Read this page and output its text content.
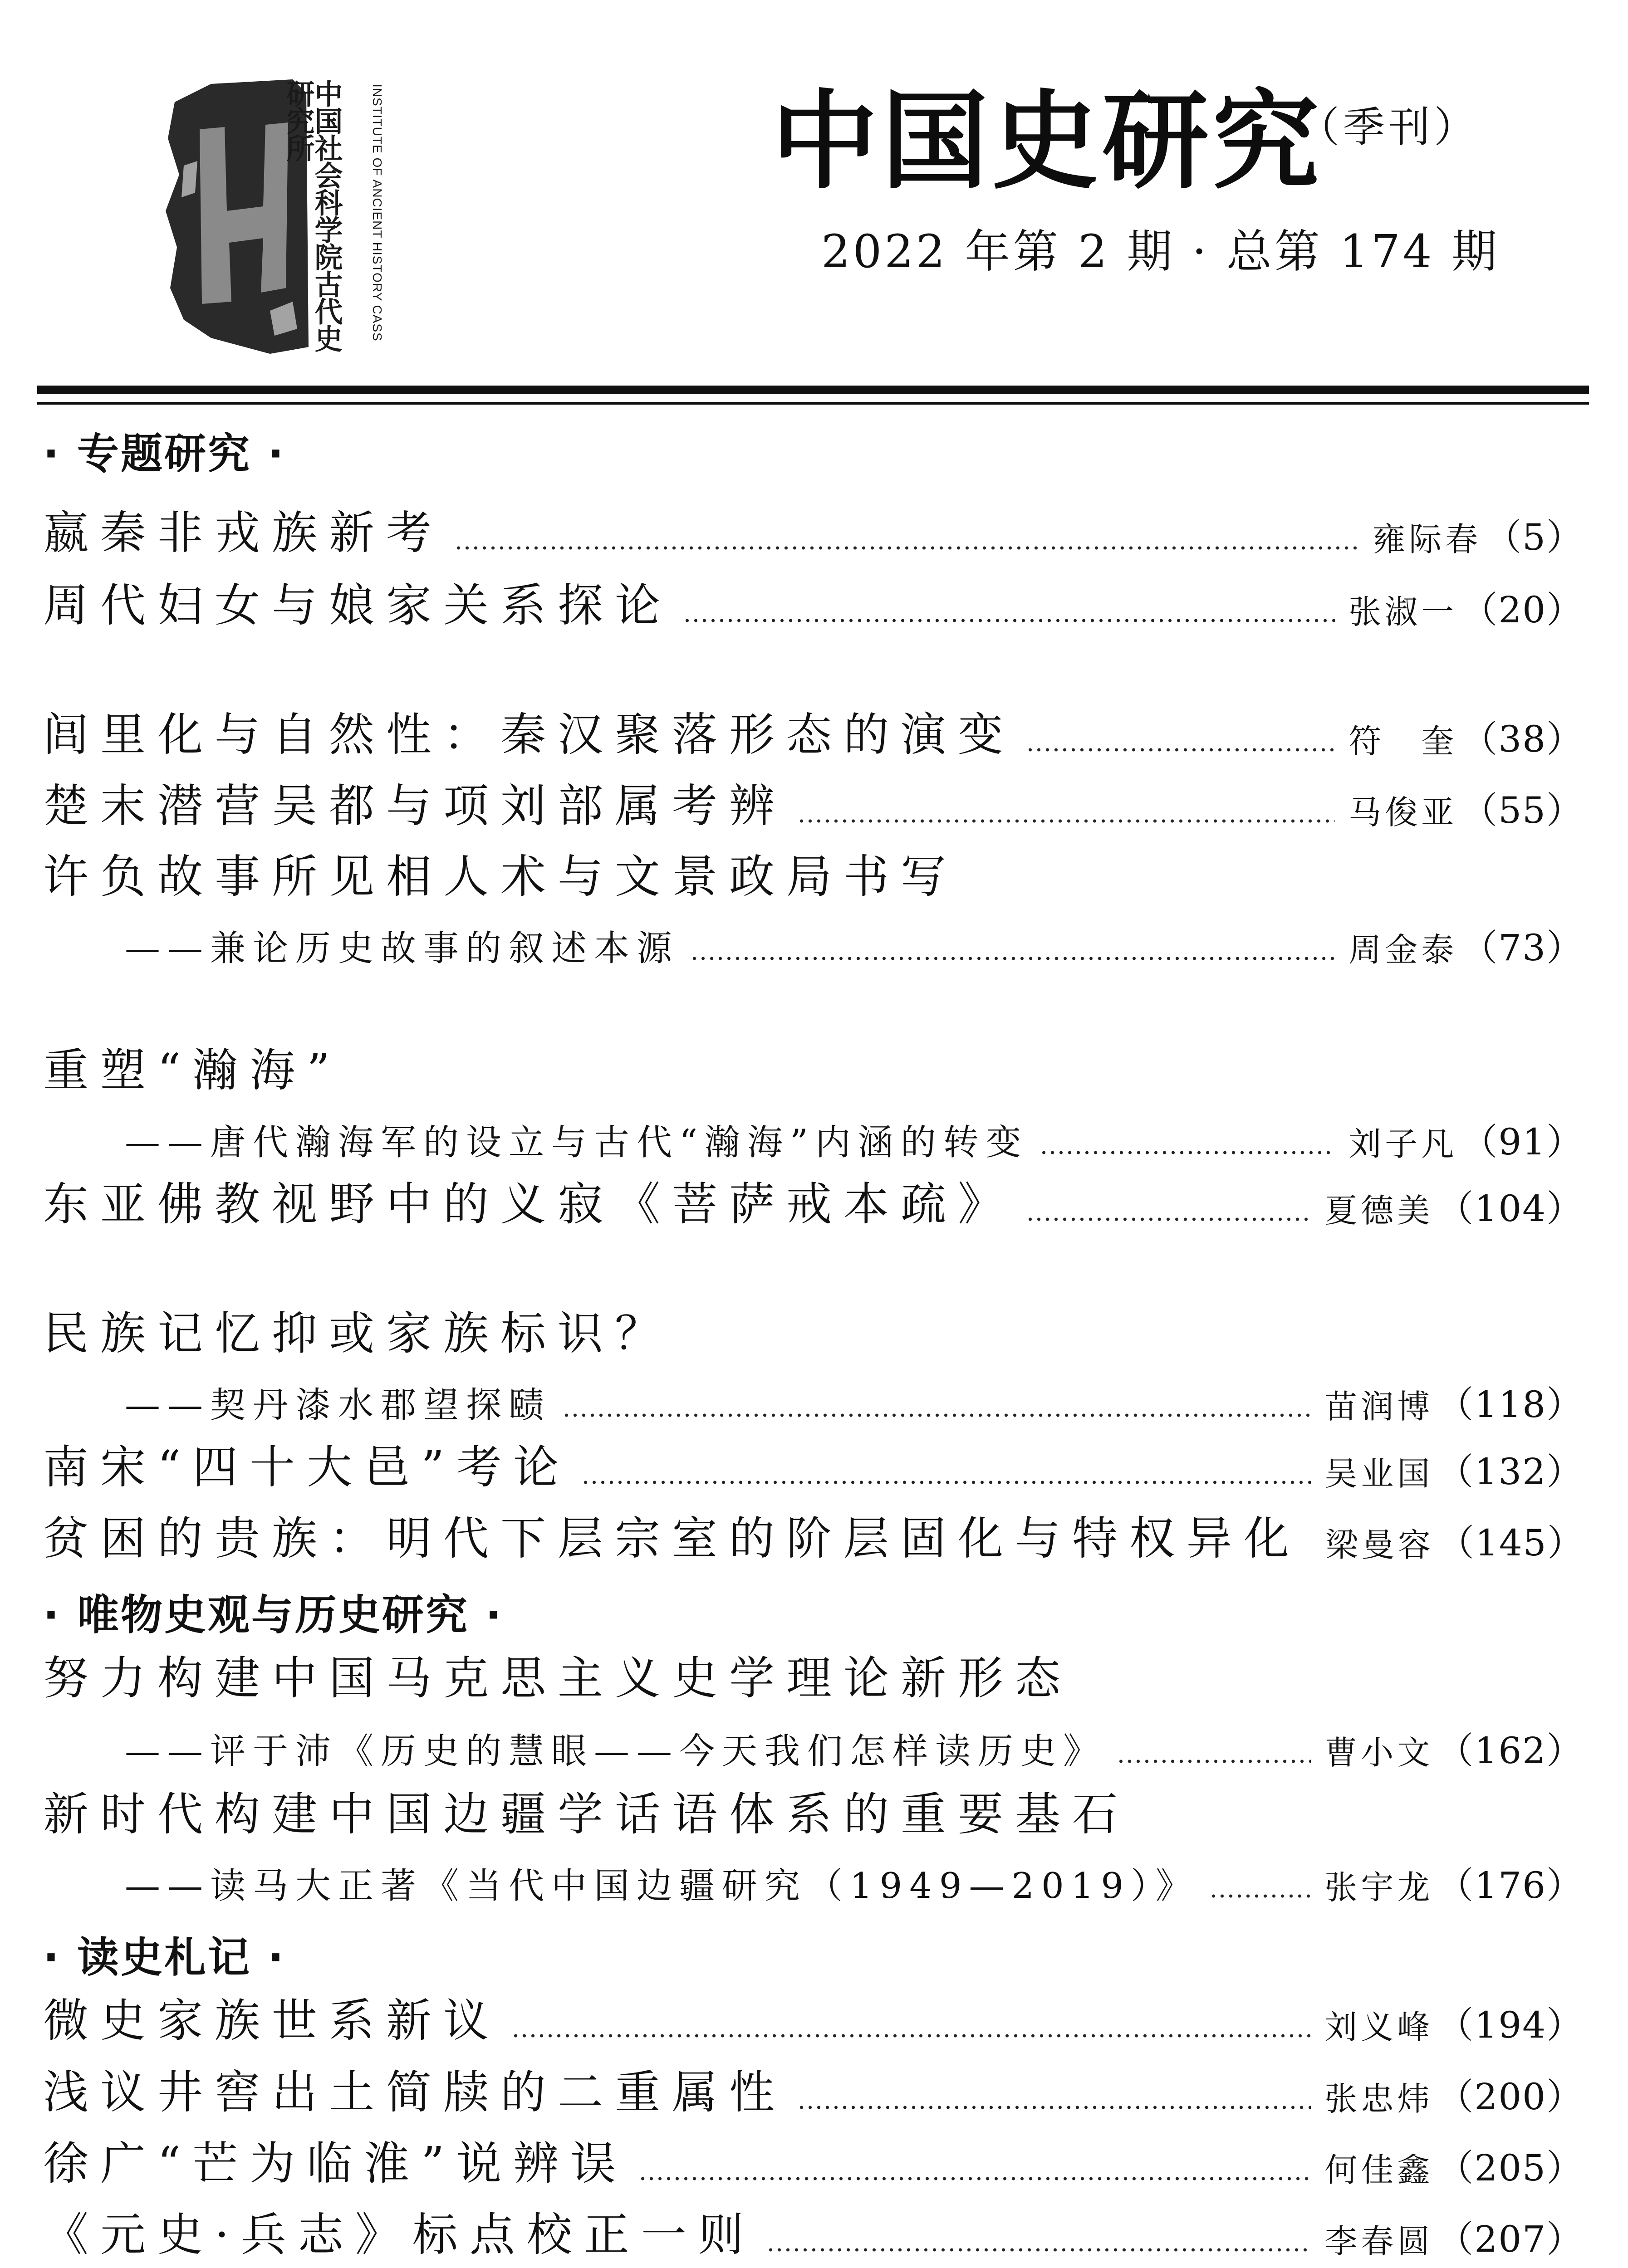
中国社会科学院古代史研究所	INSTITUTE OF ANCIENT HISTORY CASS	中国史研究
（季刊）
2022 年第 2 期 · 总第 174 期
· 专题研究 ·
嬴秦非戎族新考	雍际春 （5）
周代妇女与娘家关系探论	张淑一 （20）
闾里化与自然性：秦汉聚落形态的演变	符　奎 （38）
楚末潜营吴都与项刘部属考辨	马俊亚 （55）
许负故事所见相人术与文景政局书写
——兼论历史故事的叙述本源	周金泰 （73）
重塑“瀚海”
——唐代瀚海军的设立与古代“瀚海”内涵的转变	刘子凡 （91）
东亚佛教视野中的义寂《菩萨戒本疏》	夏德美 （104）
民族记忆抑或家族标识？
——契丹漆水郡望探赜	苗润博 （118）
南宋“四十大邑”考论	吴业国 （132）
贫困的贵族：明代下层宗室的阶层固化与特权异化 梁曼容 （145）
· 唯物史观与历史研究 ·
努力构建中国马克思主义史学理论新形态
——评于沛《历史的慧眼——今天我们怎样读历史》	曹小文 （162）
新时代构建中国边疆学话语体系的重要基石
——读马大正著《当代中国边疆研究（1949—2019）》	张宇龙 （176）
· 读史札记 ·
微史家族世系新议	刘义峰 （194）
浅议井窖出土简牍的二重属性	张忠炜 （200）
徐广“芒为临淮”说辨误	何佳鑫 （205）
《元史·兵志》标点校正一则	李春圆 （207）
